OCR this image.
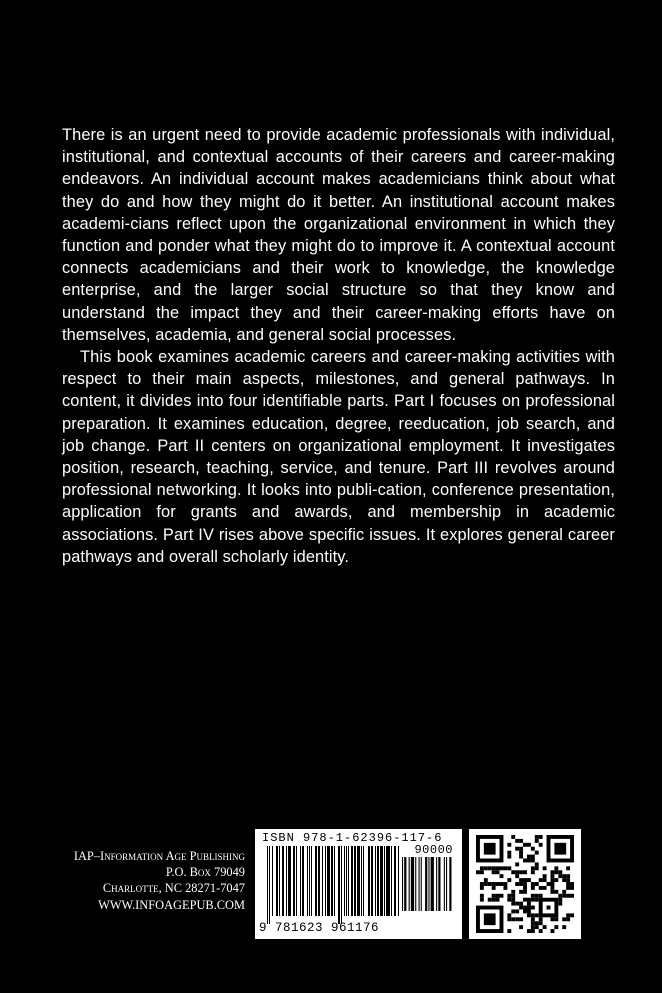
There is an urgent need to provide academic professionals with individual, institutional, and contextual accounts of their careers and career-making endeavors. An individual account makes academicians think about what they do and how they might do it better. An institutional account makes academi-cians reflect upon the organizational environment in which they function and ponder what they might do to improve it. A contextual account connects academicians and their work to knowledge, the knowledge enterprise, and the larger social structure so that they know and understand the impact they and their career-making efforts have on themselves, academia, and general social processes.

This book examines academic careers and career-making activities with respect to their main aspects, milestones, and general pathways. In content, it divides into four identifiable parts. Part I focuses on professional preparation. It examines education, degree, reeducation, job search, and job change. Part II centers on organizational employment. It investigates position, research, teaching, service, and tenure. Part III revolves around professional networking. It looks into publi-cation, conference presentation, application for grants and awards, and membership in academic associations. Part IV rises above specific issues. It explores general career pathways and overall scholarly identity.

IAP–Information Age Publishing
P.O. Box 79049
Charlotte, NC 28271-7047
WWW.INFOAGEPUB.COM
ISBN 978-1-62396-117-6
90000
9 781623 961176
